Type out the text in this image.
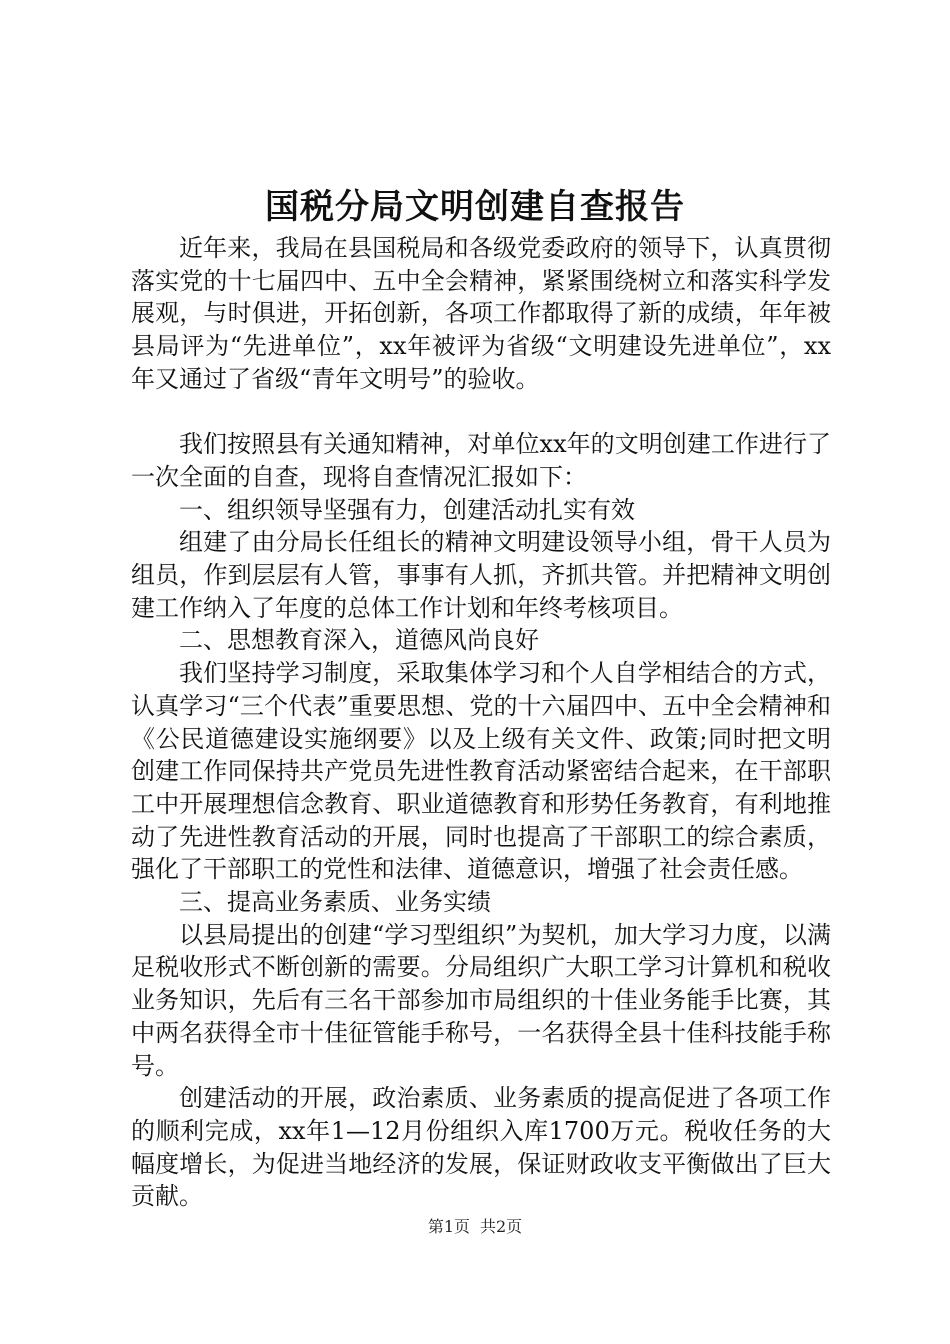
国税分局文明创建自查报告

近年来，我局在县国税局和各级党委政府的领导下，认真贯彻落实党的十七届四中、五中全会精神，紧紧围绕树立和落实科学发展观，与时俱进，开拓创新，各项工作都取得了新的成绩，年年被县局评为“先进单位”，xx年被评为省级“文明建设先进单位”，xx年又通过了省级“青年文明号”的验收。

我们按照县有关通知精神，对单位xx年的文明创建工作进行了一次全面的自查，现将自查情况汇报如下：

一、组织领导坚强有力，创建活动扎实有效

组建了由分局长任组长的精神文明建设领导小组，骨干人员为组员，作到层层有人管，事事有人抓，齐抓共管。并把精神文明创建工作纳入了年度的总体工作计划和年终考核项目。

二、思想教育深入，道德风尚良好

我们坚持学习制度，采取集体学习和个人自学相结合的方式，认真学习“三个代表”重要思想、党的十六届四中、五中全会精神和《公民道德建设实施纲要》以及上级有关文件、政策;同时把文明创建工作同保持共产党员先进性教育活动紧密结合起来，在干部职工中开展理想信念教育、职业道德教育和形势任务教育，有利地推动了先进性教育活动的开展，同时也提高了干部职工的综合素质，强化了干部职工的党性和法律、道德意识，增强了社会责任感。

三、提高业务素质、业务实绩

以县局提出的创建“学习型组织”为契机，加大学习力度，以满足税收形式不断创新的需要。分局组织广大职工学习计算机和税收业务知识，先后有三名干部参加市局组织的十佳业务能手比赛，其中两名获得全市十佳征管能手称号，一名获得全县十佳科技能手称号。

创建活动的开展，政治素质、业务素质的提高促进了各项工作的顺利完成，xx年1—12月份组织入库1700万元。税收任务的大幅度增长，为促进当地经济的发展，保证财政收支平衡做出了巨大贡献。

第1页 共2页
